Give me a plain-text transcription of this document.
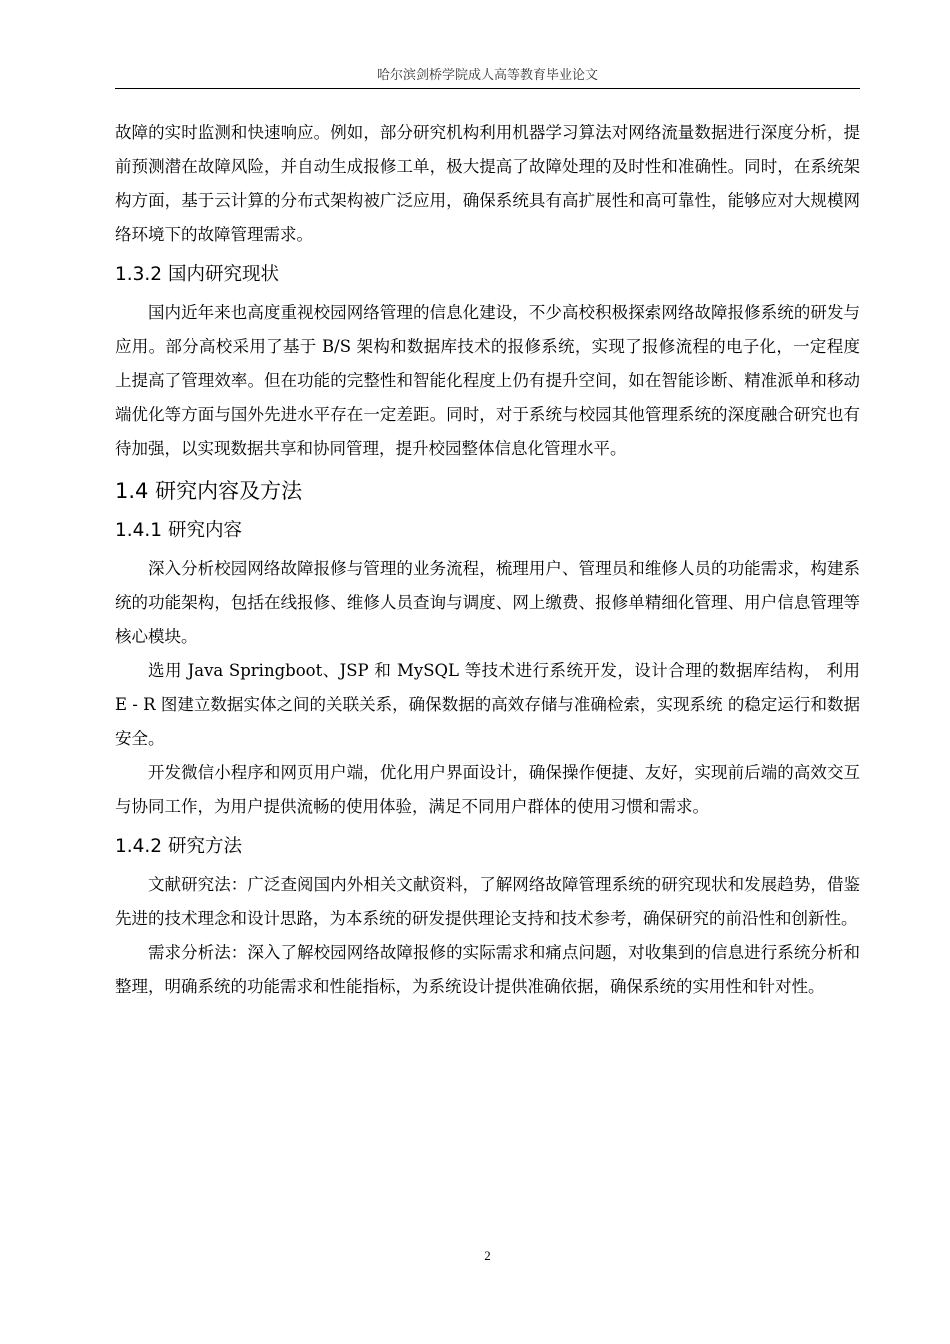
哈尔滨剑桥学院成人高等教育毕业论文

故障的实时监测和快速响应。例如，部分研究机构利用机器学习算法对网络流量数据进行深度分析，提前预测潜在故障风险，并自动生成报修工单，极大提高了故障处理的及时性和准确性。同时，在系统架构方面，基于云计算的分布式架构被广泛应用，确保系统具有高扩展性和高可靠性，能够应对大规模网络环境下的故障管理需求。

1.3.2 国内研究现状

国内近年来也高度重视校园网络管理的信息化建设，不少高校积极探索网络故障报修系统的研发与应用。部分高校采用了基于 B/S 架构和数据库技术的报修系统，实现了报修流程的电子化，一定程度上提高了管理效率。但在功能的完整性和智能化程度上仍有提升空间，如在智能诊断、精准派单和移动端优化等方面与国外先进水平存在一定差距。同时，对于系统与校园其他管理系统的深度融合研究也有待加强，以实现数据共享和协同管理，提升校园整体信息化管理水平。

1.4 研究内容及方法
1.4.1 研究内容

深入分析校园网络故障报修与管理的业务流程，梳理用户、管理员和维修人员的功能需求，构建系统的功能架构，包括在线报修、维修人员查询与调度、网上缴费、报修单精细化管理、用户信息管理等核心模块。

选用 Java Springboot、JSP 和 MySQL 等技术进行系统开发，设计合理的数据库结构， 利用 E - R 图建立数据实体之间的关联关系，确保数据的高效存储与准确检索，实现系统 的稳定运行和数据安全。

开发微信小程序和网页用户端，优化用户界面设计，确保操作便捷、友好，实现前后端的高效交互与协同工作，为用户提供流畅的使用体验，满足不同用户群体的使用习惯和需求。

1.4.2 研究方法

文献研究法：广泛查阅国内外相关文献资料，了解网络故障管理系统的研究现状和发展趋势，借鉴先进的技术理念和设计思路，为本系统的研发提供理论支持和技术参考，确保研究的前沿性和创新性。

需求分析法：深入了解校园网络故障报修的实际需求和痛点问题，对收集到的信息进行系统分析和整理，明确系统的功能需求和性能指标，为系统设计提供准确依据，确保系统的实用性和针对性。

2
